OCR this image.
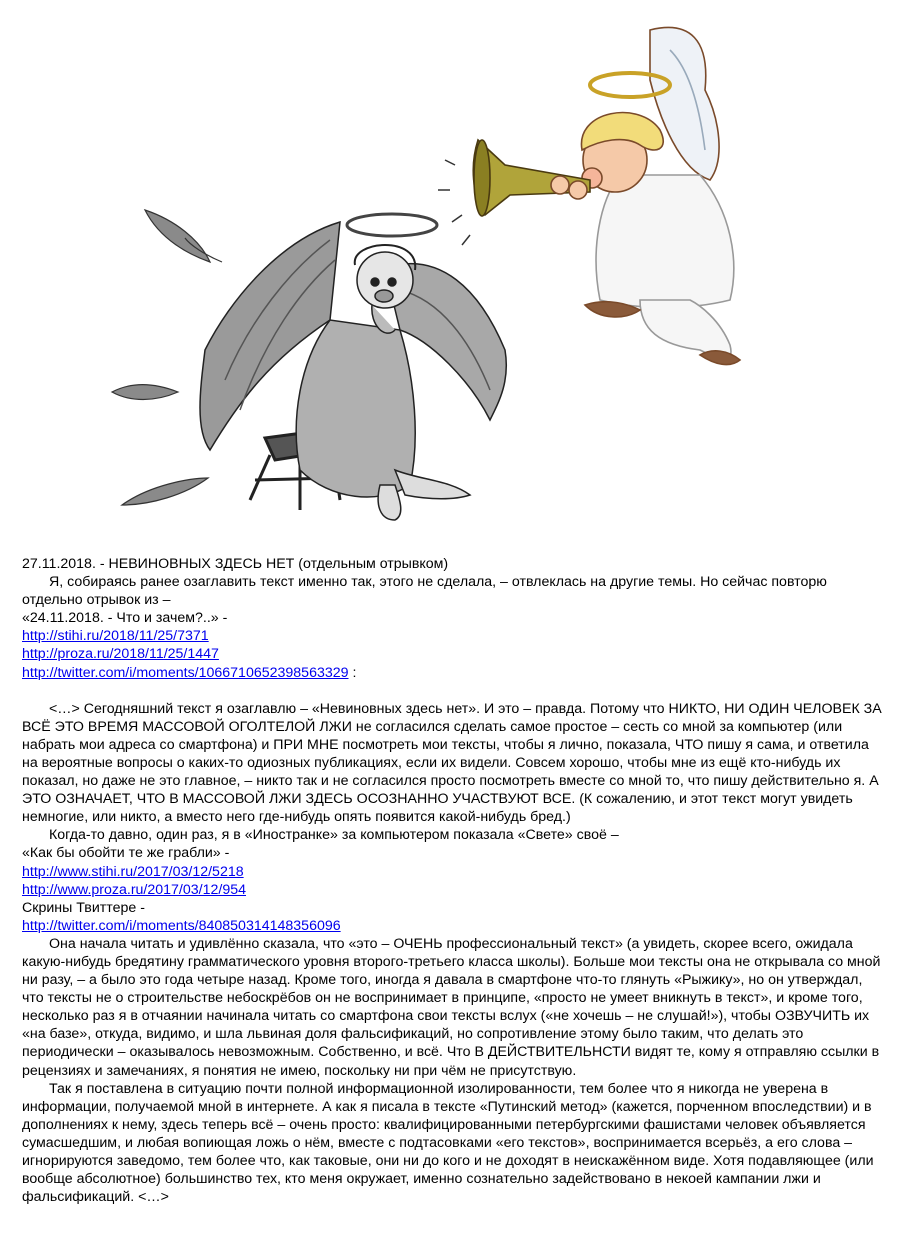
27.11.2018. - НЕВИНОВНЫХ ЗДЕСЬ НЕТ (отдельным отрывком)

Я, собираясь ранее озаглавить текст именно так, этого не сделала, – отвлеклась на другие темы. Но сейчас повторю отдельно отрывок из –

«24.11.2018. - Что и зачем?..» -

http://stihi.ru/2018/11/25/7371

http://proza.ru/2018/11/25/1447

http://twitter.com/i/moments/1066710652398563329 :

<…> Сегодняшний текст я озаглавлю – «Невиновных здесь нет». И это – правда. Потому что НИКТО, НИ ОДИН ЧЕЛОВЕК ЗА ВСЁ ЭТО ВРЕМЯ МАССОВОЙ ОГОЛТЕЛОЙ ЛЖИ не согласился сделать самое простое – сесть со мной за компьютер (или набрать мои адреса со смартфона) и ПРИ МНЕ посмотреть мои тексты, чтобы я лично, показала, ЧТО пишу я сама, и ответила на вероятные вопросы о каких-то одиозных публикациях, если их видели. Совсем хорошо, чтобы мне из ещё кто-нибудь их показал, но даже не это главное, – никто так и не согласился просто посмотреть вместе со мной то, что пишу действительно я. А ЭТО ОЗНАЧАЕТ, ЧТО В МАССОВОЙ ЛЖИ ЗДЕСЬ ОСОЗНАННО УЧАСТВУЮТ ВСЕ. (К сожалению, и этот текст могут увидеть немногие, или никто, а вместо него где-нибудь опять появится какой-нибудь бред.)

Когда-то давно, один раз, я в «Иностранке» за компьютером показала «Свете» своё –

«Как бы обойти те же грабли» -

http://www.stihi.ru/2017/03/12/5218

http://www.proza.ru/2017/03/12/954

Скрины Твиттере -

http://twitter.com/i/moments/840850314148356096

Она начала читать и удивлённо сказала, что «это – ОЧЕНЬ профессиональный текст» (а увидеть, скорее всего, ожидала какую-нибудь бредятину грамматического уровня второго-третьего класса школы). Больше мои тексты она не открывала со мной ни разу, – а было это года четыре назад. Кроме того, иногда я давала в смартфоне что-то глянуть «Рыжику», но он утверждал, что тексты не о строительстве небоскрёбов он не воспринимает в принципе, «просто не умеет вникнуть в текст», и кроме того, несколько раз я в отчаянии начинала читать со смартфона свои тексты вслух («не хочешь – не слушай!»), чтобы ОЗВУЧИТЬ их «на базе», откуда, видимо, и шла львиная доля фальсификаций, но сопротивление этому было таким, что делать это периодически – оказывалось невозможным. Собственно, и всё. Что В ДЕЙСТВИТЕЛЬНСТИ видят те, кому я отправляю ссылки в рецензиях и замечаниях, я понятия не имею, поскольку ни при чём не присутствую.

Так я поставлена в ситуацию почти полной информационной изолированности, тем более что я никогда не уверена в информации, получаемой мной в интернете. А как я писала в тексте «Путинский метод» (кажется, порченном впоследствии) и в дополнениях к нему, здесь теперь всё – очень просто: квалифицированными петербургскими фашистами человек объявляется сумасшедшим, и любая вопиющая ложь о нём, вместе с подтасовками «его текстов», воспринимается всерьёз, а его слова – игнорируются заведомо, тем более что, как таковые, они ни до кого и не доходят в неискажённом виде. Хотя подавляющее (или вообще абсолютное) большинство тех, кто меня окружает, именно сознательно задействовано в некоей кампании лжи и фальсификаций. <…>
